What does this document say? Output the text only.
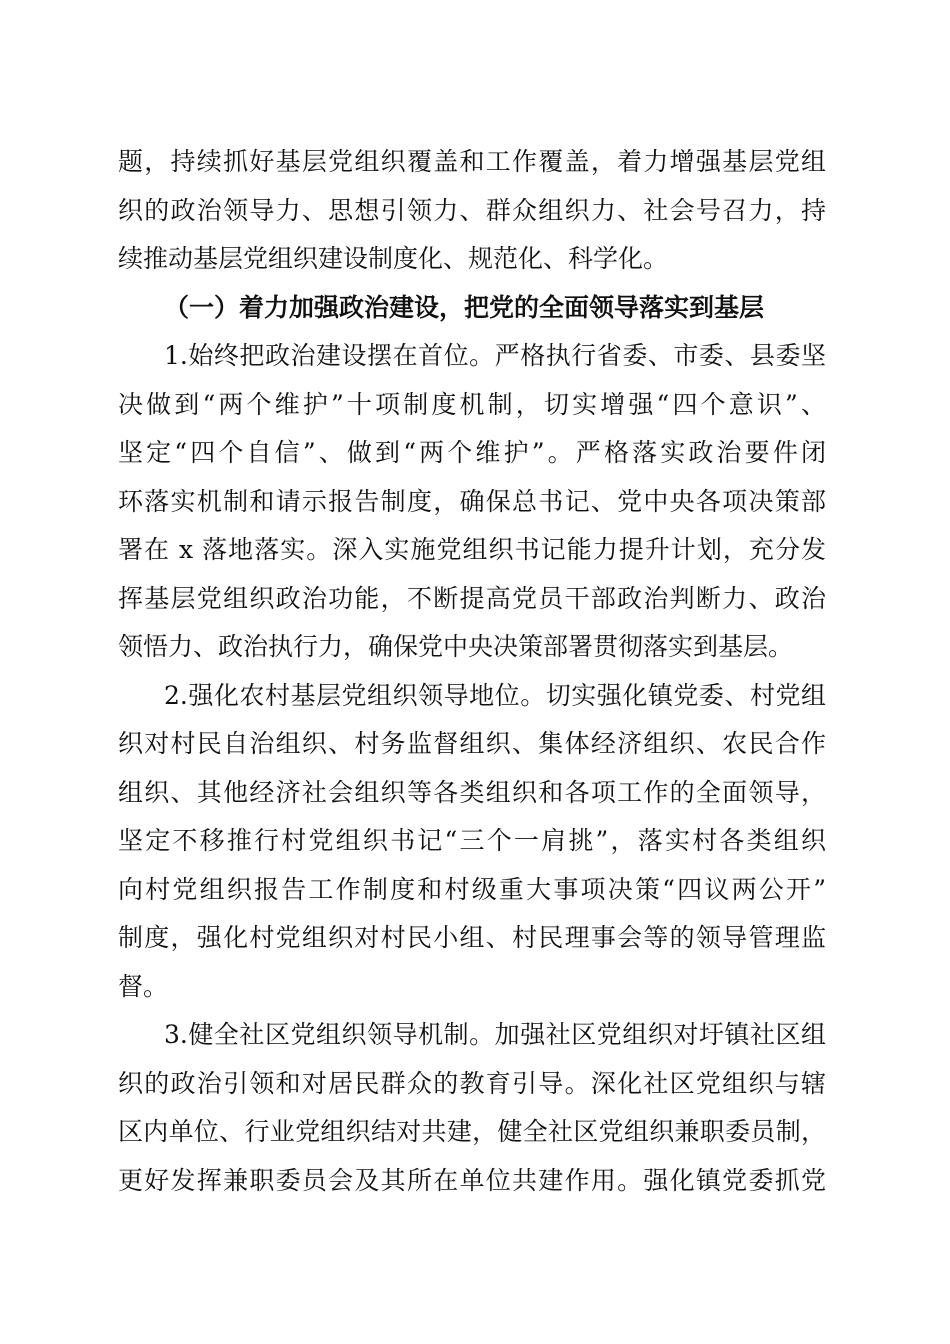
题，持续抓好基层党组织覆盖和工作覆盖，着力增强基层党组
织的政治领导力、思想引领力、群众组织力、社会号召力，持
续推动基层党组织建设制度化、规范化、科学化。
（一）着力加强政治建设，把党的全面领导落实到基层
1.始终把政治建设摆在首位。严格执行省委、市委、县委坚
决做到“两个维护”十项制度机制，切实增强“四个意识”、
坚定“四个自信”、做到“两个维护”。严格落实政治要件闭
环落实机制和请示报告制度，确保总书记、党中央各项决策部
署在 x 落地落实。深入实施党组织书记能力提升计划，充分发
挥基层党组织政治功能，不断提高党员干部政治判断力、政治
领悟力、政治执行力，确保党中央决策部署贯彻落实到基层。
2.强化农村基层党组织领导地位。切实强化镇党委、村党组
织对村民自治组织、村务监督组织、集体经济组织、农民合作
组织、其他经济社会组织等各类组织和各项工作的全面领导，
坚定不移推行村党组织书记“三个一肩挑”，落实村各类组织
向村党组织报告工作制度和村级重大事项决策“四议两公开”
制度，强化村党组织对村民小组、村民理事会等的领导管理监
督。
3.健全社区党组织领导机制。加强社区党组织对圩镇社区组
织的政治引领和对居民群众的教育引导。深化社区党组织与辖
区内单位、行业党组织结对共建，健全社区党组织兼职委员制，
更好发挥兼职委员会及其所在单位共建作用。强化镇党委抓党
